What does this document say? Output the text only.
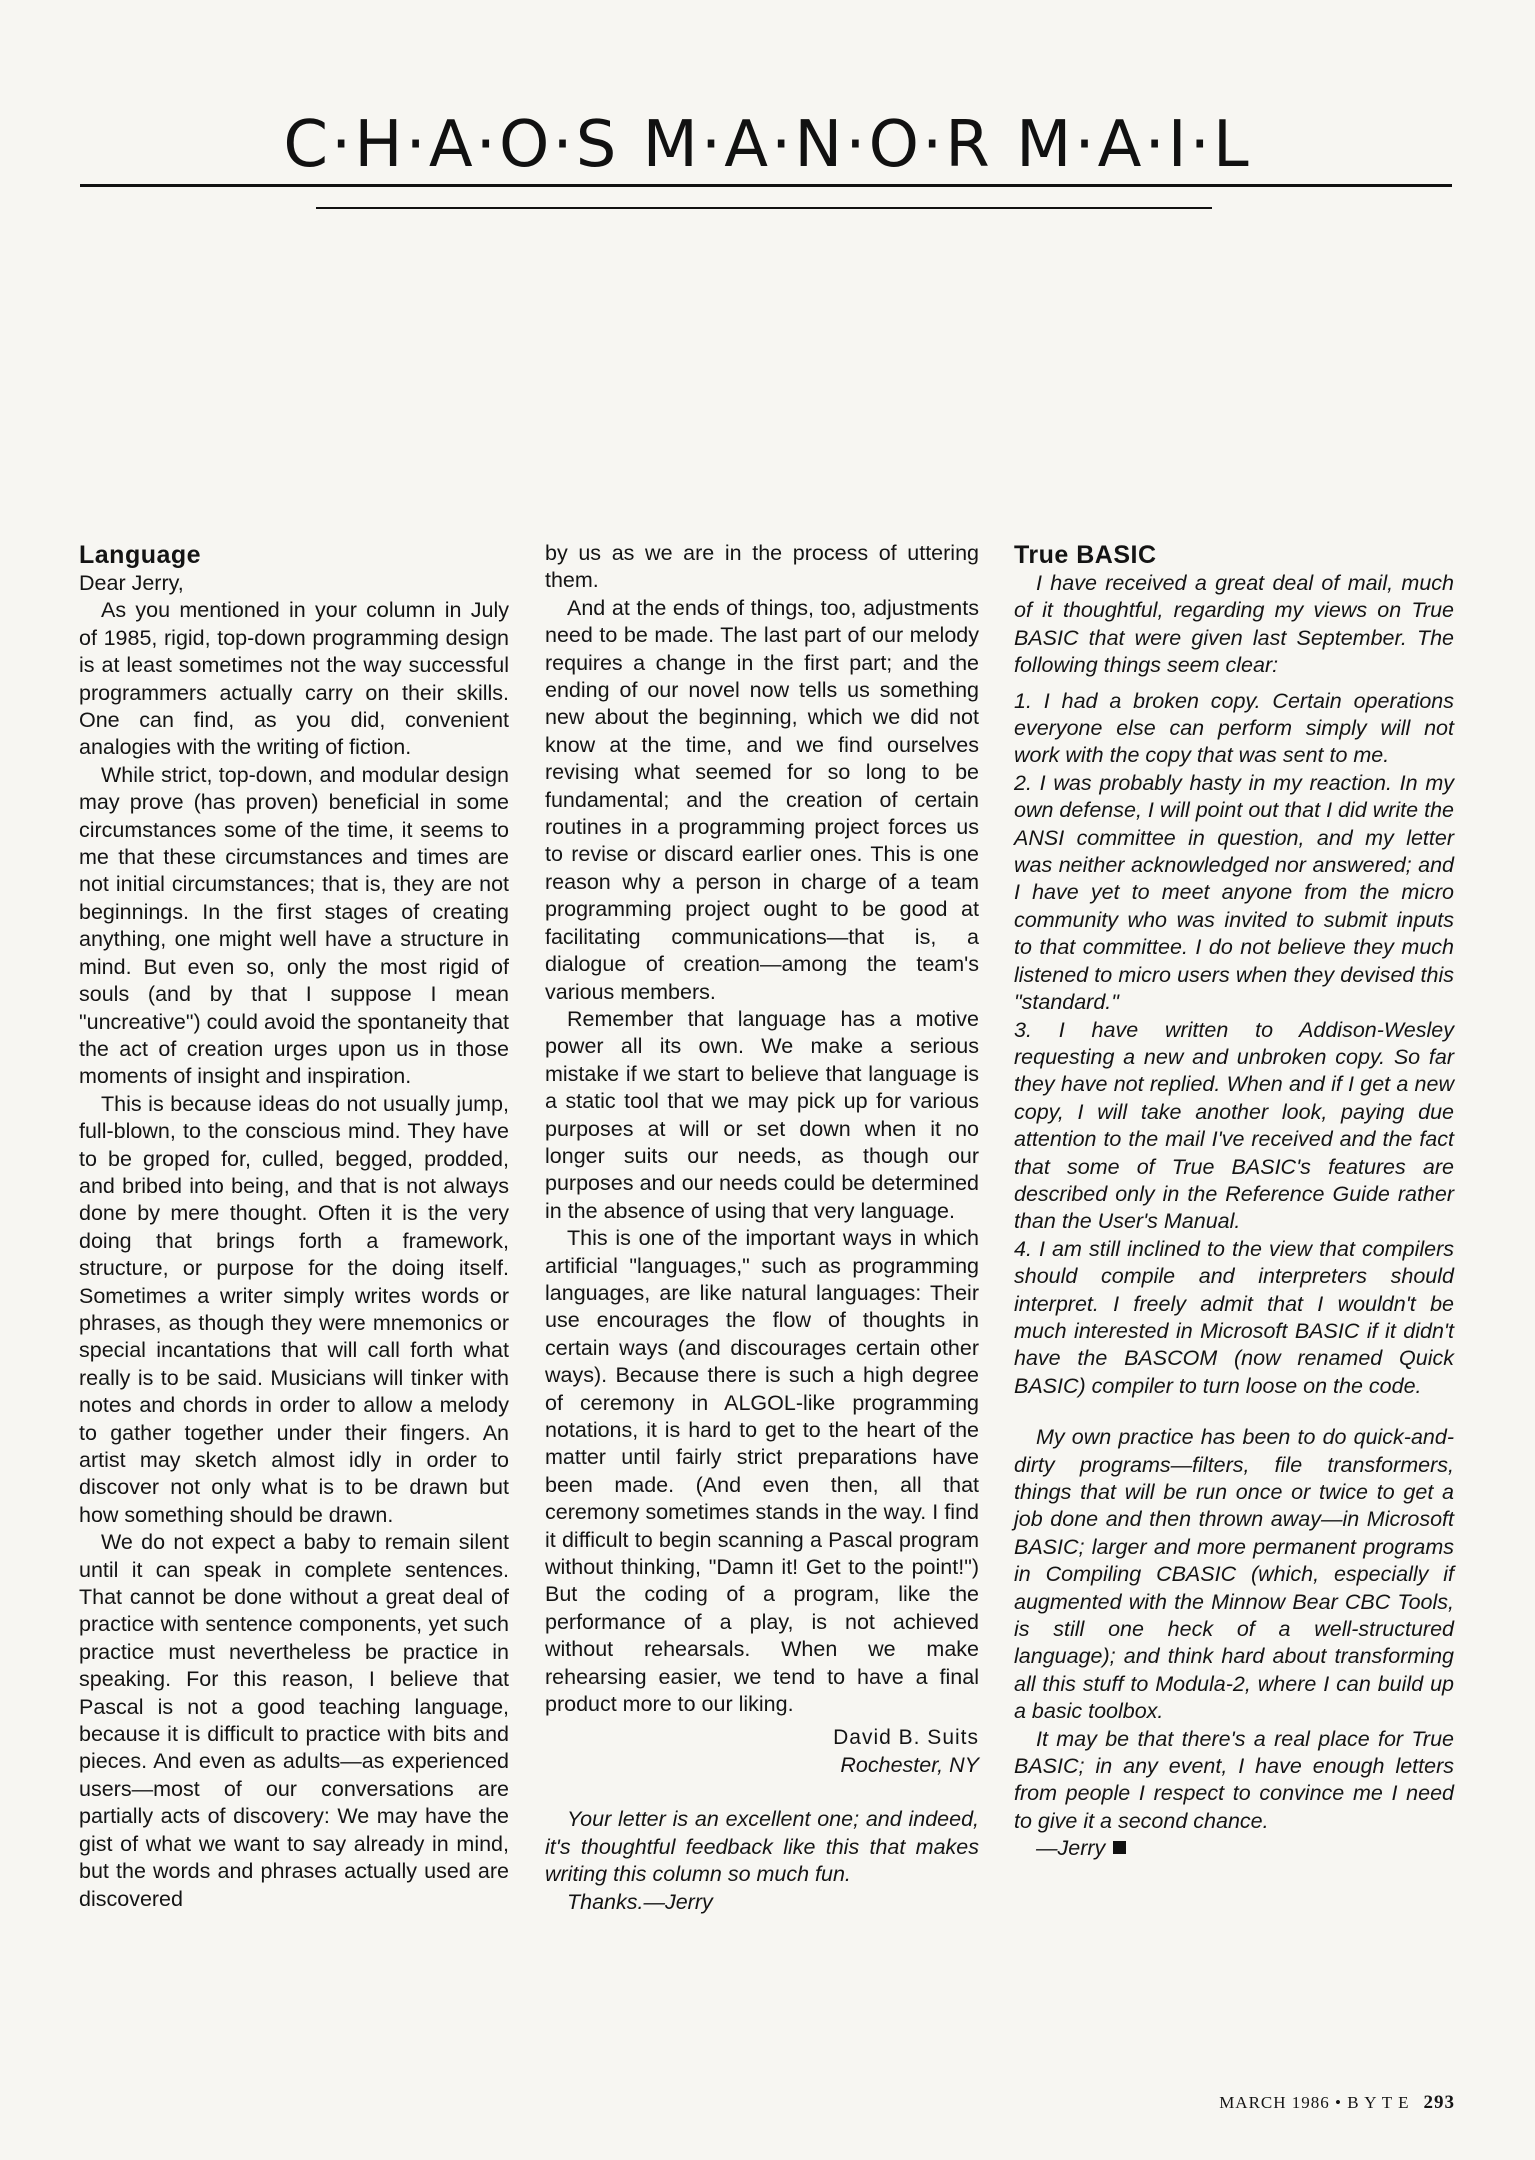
C·H·A·O·S M·A·N·O·R M·A·I·L
Language

Dear Jerry,

As you mentioned in your column in July of 1985, rigid, top-down programming design is at least sometimes not the way successful programmers actually carry on their skills. One can find, as you did, convenient analogies with the writing of fiction.

While strict, top-down, and modular design may prove (has proven) beneficial in some circumstances some of the time, it seems to me that these circumstances and times are not initial circumstances; that is, they are not beginnings. In the first stages of creating anything, one might well have a structure in mind. But even so, only the most rigid of souls (and by that I suppose I mean "uncreative") could avoid the spontaneity that the act of creation urges upon us in those moments of insight and inspiration.

This is because ideas do not usually jump, full-blown, to the conscious mind. They have to be groped for, culled, begged, prodded, and bribed into being, and that is not always done by mere thought. Often it is the very doing that brings forth a framework, structure, or purpose for the doing itself. Sometimes a writer simply writes words or phrases, as though they were mnemonics or special incantations that will call forth what really is to be said. Musicians will tinker with notes and chords in order to allow a melody to gather together under their fingers. An artist may sketch almost idly in order to discover not only what is to be drawn but how something should be drawn.

We do not expect a baby to remain silent until it can speak in complete sentences. That cannot be done without a great deal of practice with sentence components, yet such practice must nevertheless be practice in speaking. For this reason, I believe that Pascal is not a good teaching language, because it is difficult to practice with bits and pieces. And even as adults—as experienced users—most of our conversations are partially acts of discovery: We may have the gist of what we want to say already in mind, but the words and phrases actually used are discovered

by us as we are in the process of uttering them.

And at the ends of things, too, adjustments need to be made. The last part of our melody requires a change in the first part; and the ending of our novel now tells us something new about the beginning, which we did not know at the time, and we find ourselves revising what seemed for so long to be fundamental; and the creation of certain routines in a programming project forces us to revise or discard earlier ones. This is one reason why a person in charge of a team programming project ought to be good at facilitating communications—that is, a dialogue of creation—among the team's various members.

Remember that language has a motive power all its own. We make a serious mistake if we start to believe that language is a static tool that we may pick up for various purposes at will or set down when it no longer suits our needs, as though our purposes and our needs could be determined in the absence of using that very language.

This is one of the important ways in which artificial "languages," such as programming languages, are like natural languages: Their use encourages the flow of thoughts in certain ways (and discourages certain other ways). Because there is such a high degree of ceremony in ALGOL-like programming notations, it is hard to get to the heart of the matter until fairly strict preparations have been made. (And even then, all that ceremony sometimes stands in the way. I find it difficult to begin scanning a Pascal program without thinking, "Damn it! Get to the point!") But the coding of a program, like the performance of a play, is not achieved without rehearsals. When we make rehearsing easier, we tend to have a final product more to our liking.

David B. Suits
Rochester, NY

Your letter is an excellent one; and indeed, it's thoughtful feedback like this that makes writing this column so much fun.

Thanks.—Jerry

True BASIC

I have received a great deal of mail, much of it thoughtful, regarding my views on True BASIC that were given last September. The following things seem clear:

1. I had a broken copy. Certain operations everyone else can perform simply will not work with the copy that was sent to me.

2. I was probably hasty in my reaction. In my own defense, I will point out that I did write the ANSI committee in question, and my letter was neither acknowledged nor answered; and I have yet to meet anyone from the micro community who was invited to submit inputs to that committee. I do not believe they much listened to micro users when they devised this "standard."

3. I have written to Addison-Wesley requesting a new and unbroken copy. So far they have not replied. When and if I get a new copy, I will take another look, paying due attention to the mail I've received and the fact that some of True BASIC's features are described only in the Reference Guide rather than the User's Manual.

4. I am still inclined to the view that compilers should compile and interpreters should interpret. I freely admit that I wouldn't be much interested in Microsoft BASIC if it didn't have the BASCOM (now renamed Quick BASIC) compiler to turn loose on the code.

My own practice has been to do quick-and-dirty programs—filters, file transformers, things that will be run once or twice to get a job done and then thrown away—in Microsoft BASIC; larger and more permanent programs in Compiling CBASIC (which, especially if augmented with the Minnow Bear CBC Tools, is still one heck of a well-structured language); and think hard about transforming all this stuff to Modula-2, where I can build up a basic toolbox.

It may be that there's a real place for True BASIC; in any event, I have enough letters from people I respect to convince me I need to give it a second chance.

—Jerry

MARCH 1986 • B Y T E 293
